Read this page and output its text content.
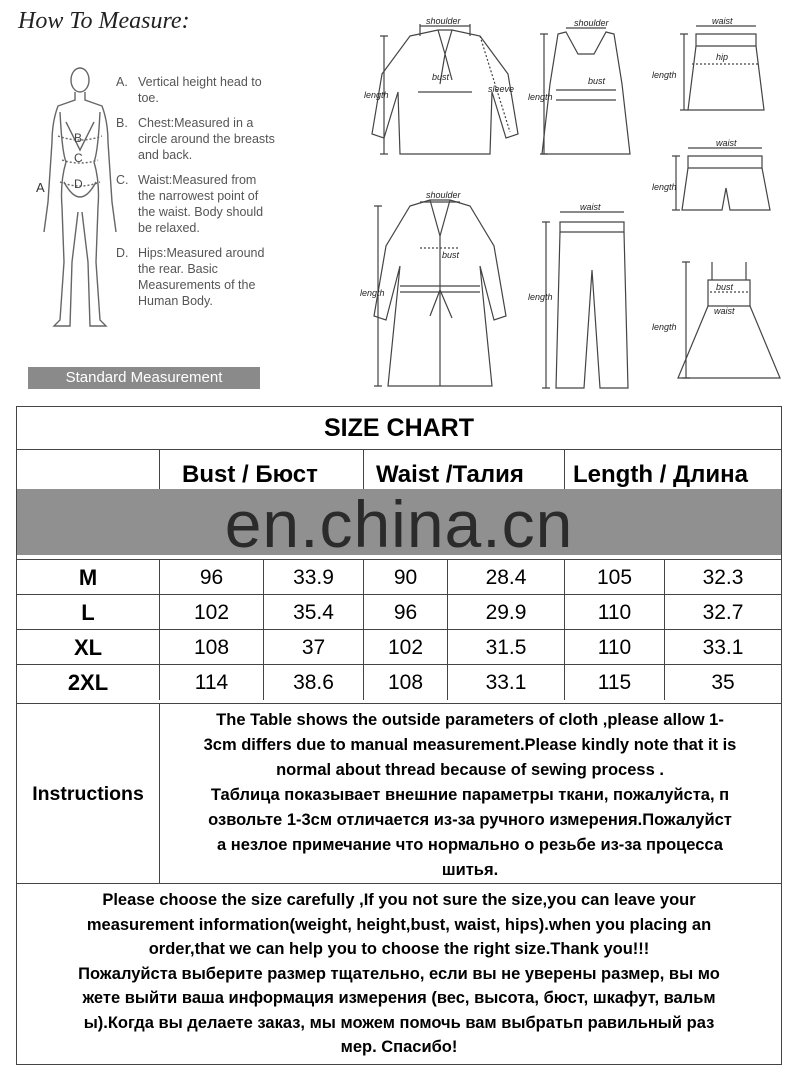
How To Measure:
B
C
D
A
A. Vertical height head to toe.
B. Chest:Measured in a circle around the breasts and back.
C. Waist:Measured from the narrowest point of the waist. Body should be relaxed.
D. Hips:Measured around the rear. Basic Measurements of the Human Body.
Standard Measurement
shoulder
bust
sleeve
length
shoulder
bust
length
waist
hip
length
waist
length
shoulder
bust
length
waist
length
bust
waist
length
SIZE CHART
Bust / Бюст	Waist /Талия	Length / Длина
en.china.cn
M	96	33.9	90	28.4	105	32.3
L	102	35.4	96	29.9	110	32.7
XL	108	37	102	31.5	110	33.1
2XL	114	38.6	108	33.1	115	35
Instructions

The Table shows the outside parameters of cloth ,please allow 1-

3cm differs due to manual measurement.Please kindly note that it is

normal about thread because of sewing process .

Таблица показывает внешние параметры ткани, пожалуйста, п

озвольте 1-3см отличается из-за ручного измерения.Пожалуйст

а незлое примечание что нормально о резьбе из-за процесса

шитья.

Please choose the size carefully ,If you not sure the size,you can leave your

measurement information(weight, height,bust, waist, hips).when you placing an

order,that we can help you to choose the right size.Thank you!!!

Пожалуйста выберите размер тщательно, если вы не уверены размер, вы мо

жете выйти ваша информация измерения (вес, высота, бюст, шкафут, вальм

ы).Когда вы делаете заказ, мы можем помочь вам выбратьп равильный раз

мер. Спасибо!
